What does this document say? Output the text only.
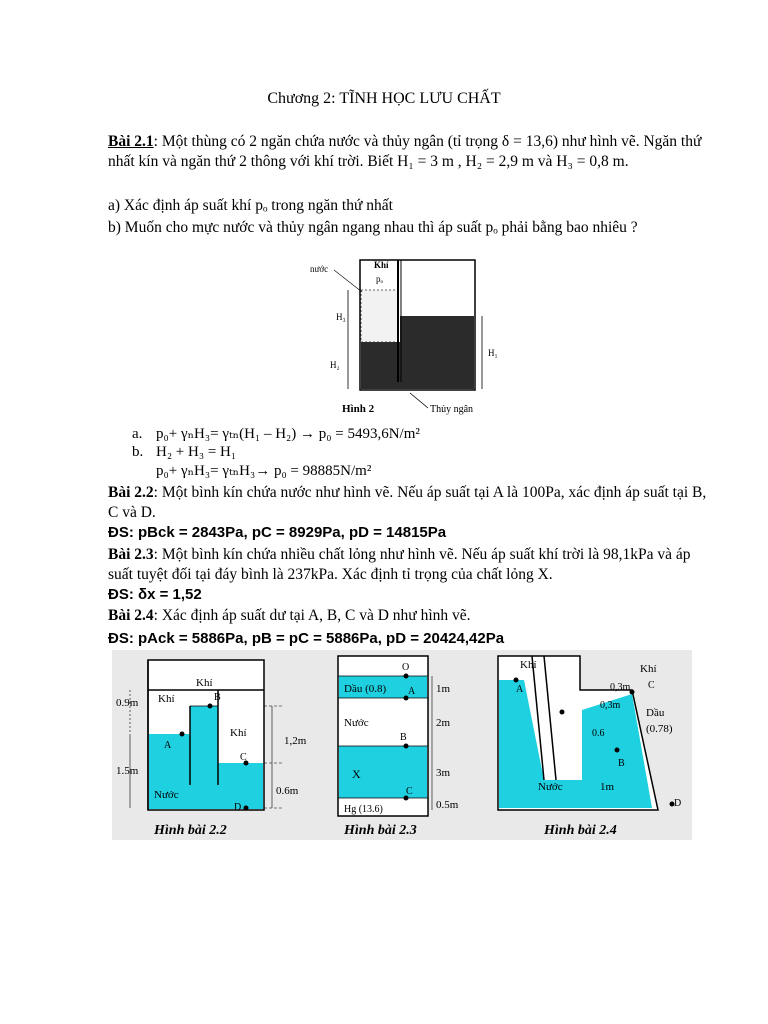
Chương 2: TĨNH HỌC LƯU CHẤT

Bài 2.1: Một thùng có 2 ngăn chứa nước và thủy ngân (tỉ trọng δ = 13,6) như hình vẽ. Ngăn thứ nhất kín và ngăn thứ 2 thông với khí trời. Biết H₁ = 3 m , H₂ = 2,9 m và H₃ = 0,8 m.

a) Xác định áp suất khí pₒ trong ngăn thứ nhất

b) Muốn cho mực nước và thủy ngân ngang nhau thì áp suất pₒ phải bằng bao nhiêu ?

nước	Khí
pₒ
H₃
H₂
H₁
Hình 2	Thủy ngân
a. p₀+ γₙH₃= γₜₙ(H₁ – H₂) → p₀ = 5493,6N/m²
b. H₂ + H₃ = H₁
p₀+ γₙH₃= γₜₙH₃→ p₀ = 98885N/m²

Bài 2.2: Một bình kín chứa nước như hình vẽ. Nếu áp suất tại A là 100Pa, xác định áp suất tại B, C và D.

ĐS: pBck = 2843Pa, pC = 8929Pa, pD = 14815Pa

Bài 2.3: Một bình kín chứa nhiều chất lỏng như hình vẽ. Nếu áp suất khí trời là 98,1kPa và áp suất tuyệt đối tại đáy bình là 237kPa. Xác định tỉ trọng của chất lỏng X.

ĐS: δx = 1,52

Bài 2.4: Xác định áp suất dư tại A, B, C và D như hình vẽ.

ĐS: pAck = 5886Pa, pB = pC = 5886Pa, pD = 20424,42Pa

0.9m
1.5m
1,2m
0.6m
Khí
Khí
Khí
Nước
A
B
C
D
Hình bài 2.2
O
Dầu (0.8) A
Nước
B
X
C
Hg (13.6)
1m
2m
3m
0.5m
Hình bài 2.3
Khí	Khí
0,3m
0,3m
0.6
1m
Dầu
(0.78)
Nước
A
B
C
D
Hình bài 2.4
